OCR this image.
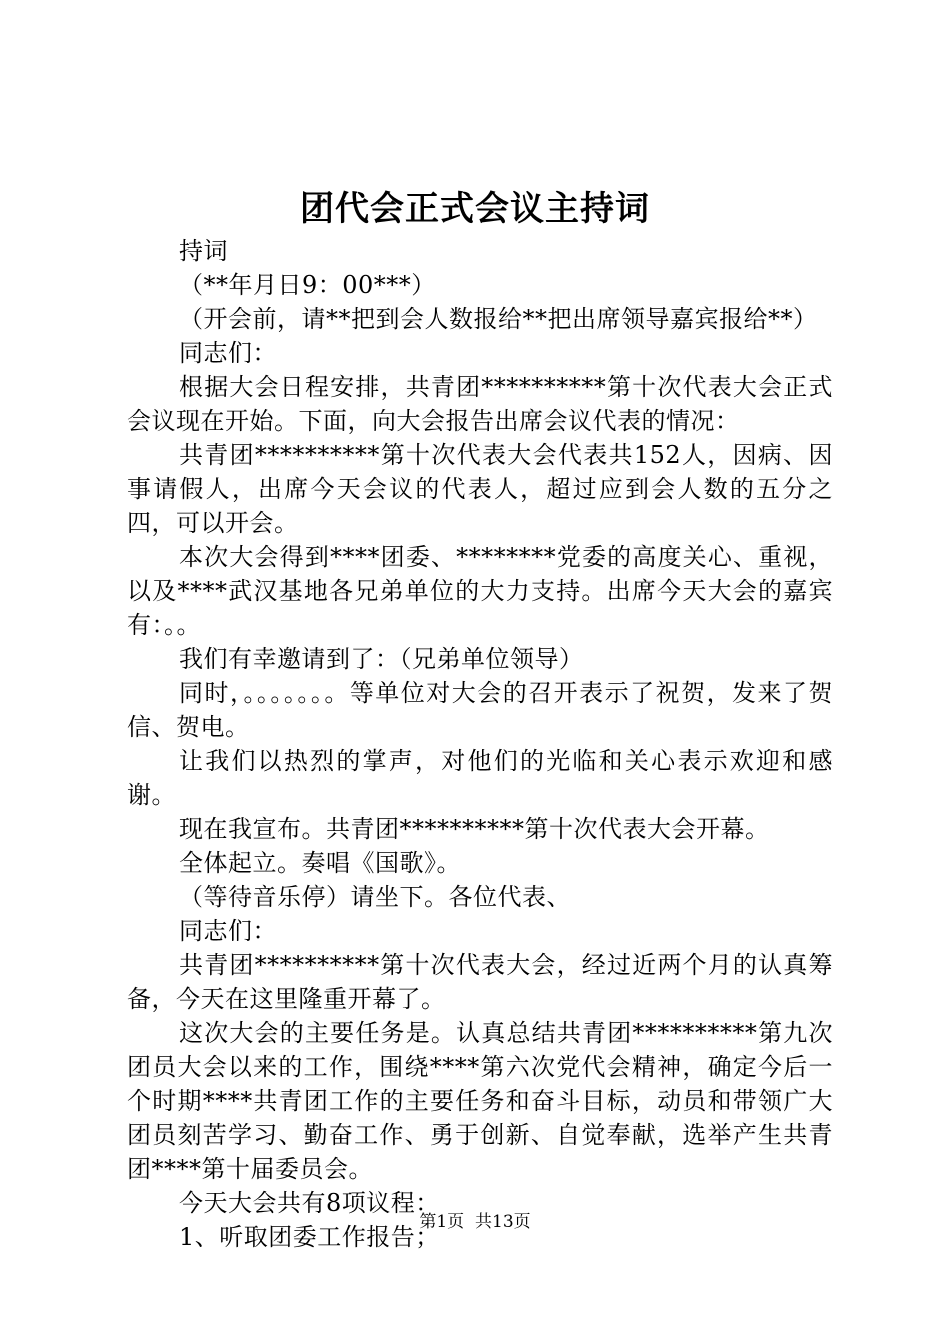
团代会正式会议主持词

持词

（**年月日9：00***）

（开会前，请**把到会人数报给**把出席领导嘉宾报给**）

同志们：

根据大会日程安排，共青团**********第十次代表大会正式会议现在开始。下面，向大会报告出席会议代表的情况：

共青团**********第十次代表大会代表共152人，因病、因事请假人，出席今天会议的代表人，超过应到会人数的五分之四，可以开会。

本次大会得到****团委、********党委的高度关心、重视，以及****武汉基地各兄弟单位的大力支持。出席今天大会的嘉宾有：。。

我们有幸邀请到了：（兄弟单位领导）

同时，。。。。。。。等单位对大会的召开表示了祝贺，发来了贺信、贺电。

让我们以热烈的掌声，对他们的光临和关心表示欢迎和感谢。

现在我宣布。共青团**********第十次代表大会开幕。

全体起立。奏唱《国歌》。

（等待音乐停）请坐下。各位代表、

同志们：

共青团**********第十次代表大会，经过近两个月的认真筹备，今天在这里隆重开幕了。

这次大会的主要任务是。认真总结共青团**********第九次团员大会以来的工作，围绕****第六次党代会精神，确定今后一个时期****共青团工作的主要任务和奋斗目标，动员和带领广大团员刻苦学习、勤奋工作、勇于创新、自觉奉献，选举产生共青团****第十届委员会。

今天大会共有8项议程：

1、听取团委工作报告；

第1页 共13页
